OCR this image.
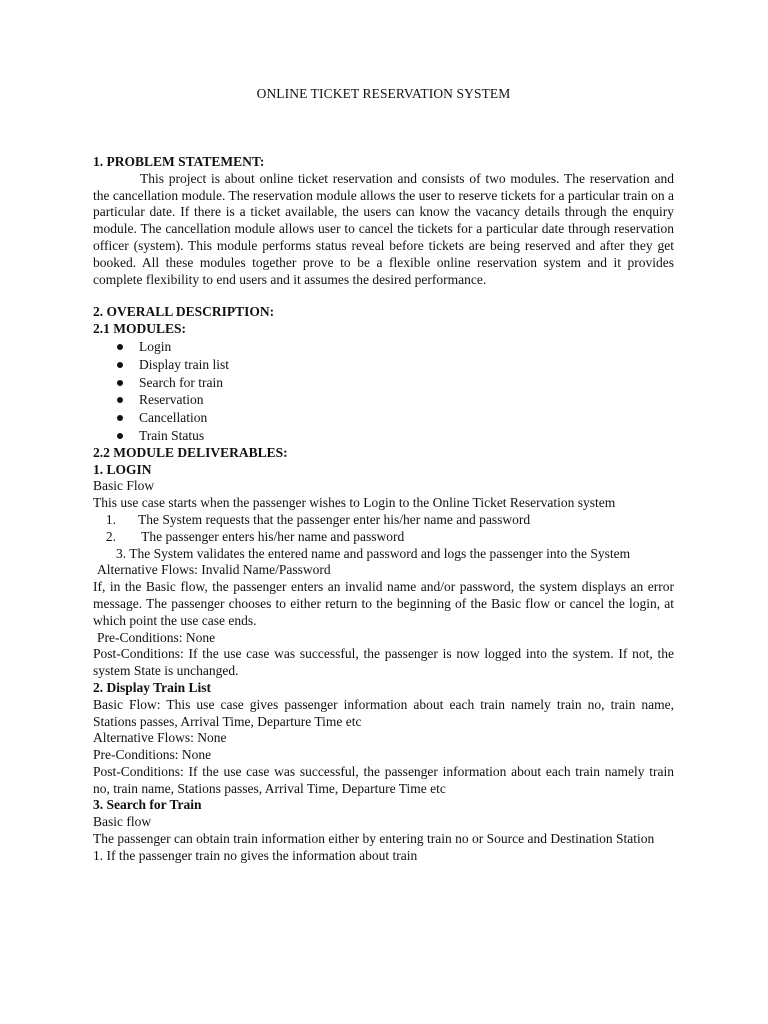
ONLINE TICKET RESERVATION SYSTEM
1. PROBLEM STATEMENT:

This project is about online ticket reservation and consists of two modules. The reservation and the cancellation module. The reservation module allows the user to reserve tickets for a particular train on a particular date. If there is a ticket available, the users can know the vacancy details through the enquiry module. The cancellation module allows user to cancel the tickets for a particular date through reservation officer (system). This module performs status reveal before tickets are being reserved and after they get booked. All these modules together prove to be a flexible online reservation system and it provides complete flexibility to end users and it assumes the desired performance.

2. OVERALL DESCRIPTION:
2.1 MODULES:
Login
Display train list
Search for train
Reservation
Cancellation
Train Status
2.2 MODULE DELIVERABLES:
1. LOGIN

Basic Flow

This use case starts when the passenger wishes to Login to the Online Ticket Reservation system

1. The System requests that the passenger enter his/her name and password
2. The passenger enters his/her name and password

3. The System validates the entered name and password and logs the passenger into the System

Alternative Flows: Invalid Name/Password

If, in the Basic flow, the passenger enters an invalid name and/or password, the system displays an error message. The passenger chooses to either return to the beginning of the Basic flow or cancel the login, at which point the use case ends.

Pre-Conditions: None

Post-Conditions: If the use case was successful, the passenger is now logged into the system. If not, the system State is unchanged.

2. Display Train List

Basic Flow: This use case gives passenger information about each train namely train no, train name, Stations passes, Arrival Time, Departure Time etc

Alternative Flows: None

Pre-Conditions: None

Post-Conditions: If the use case was successful, the passenger information about each train namely train no, train name, Stations passes, Arrival Time, Departure Time etc

3. Search for Train

Basic flow

The passenger can obtain train information either by entering train no or Source and Destination Station

1. If the passenger train no gives the information about train
